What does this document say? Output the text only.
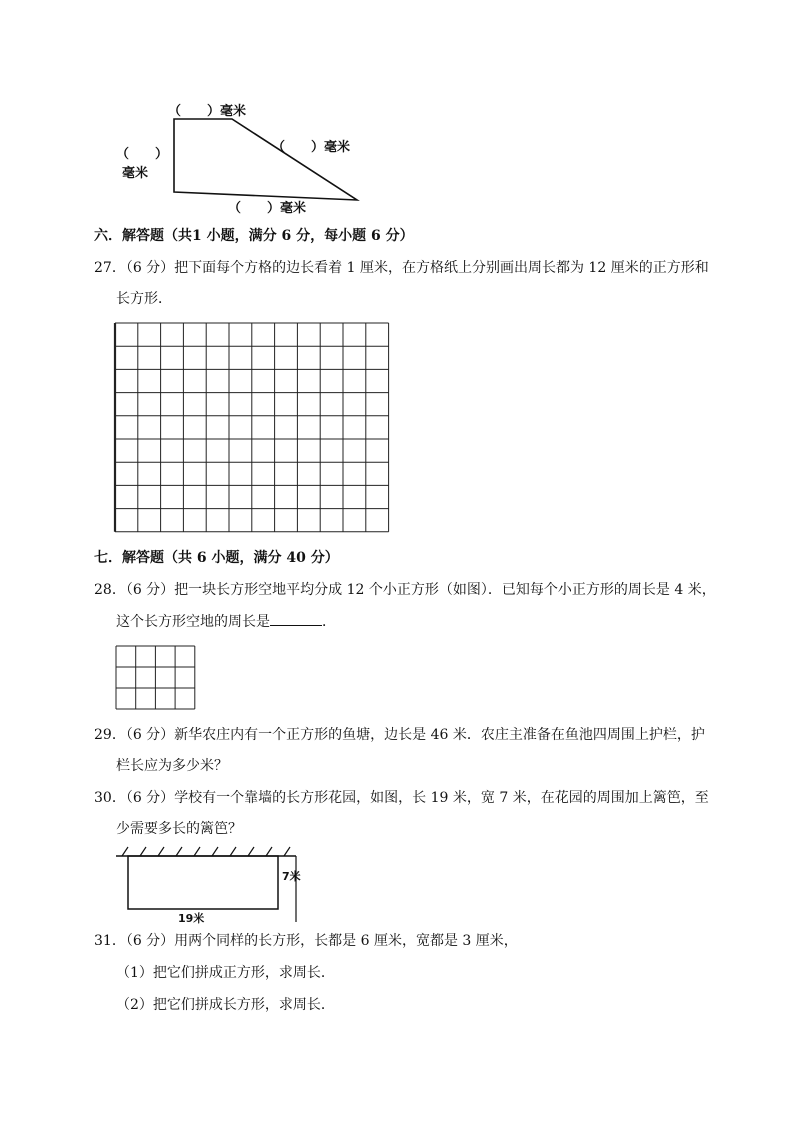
（　　）毫米
（　　）
毫米
（　　）毫米
（　　）毫米
六．解答题（共1 小题，满分 6 分，每小题 6 分）
27．（6 分）把下面每个方格的边长看着 1 厘米，在方格纸上分别画出周长都为 12 厘米的正方形和
长方形．
七．解答题（共 6 小题，满分 40 分）
28．（6 分）把一块长方形空地平均分成 12 个小正方形（如图）．已知每个小正方形的周长是 4 米，
这个长方形空地的周长是	．
29．（6 分）新华农庄内有一个正方形的鱼塘，边长是 46 米．农庄主准备在鱼池四周围上护栏，护
栏长应为多少米？
30．（6 分）学校有一个靠墙的长方形花园，如图，长 19 米，宽 7 米，在花园的周围加上篱笆，至
少需要多长的篱笆？
7米
19米
31．（6 分）用两个同样的长方形，长都是 6 厘米，宽都是 3 厘米，
（1）把它们拼成正方形，求周长．
（2）把它们拼成长方形，求周长．
